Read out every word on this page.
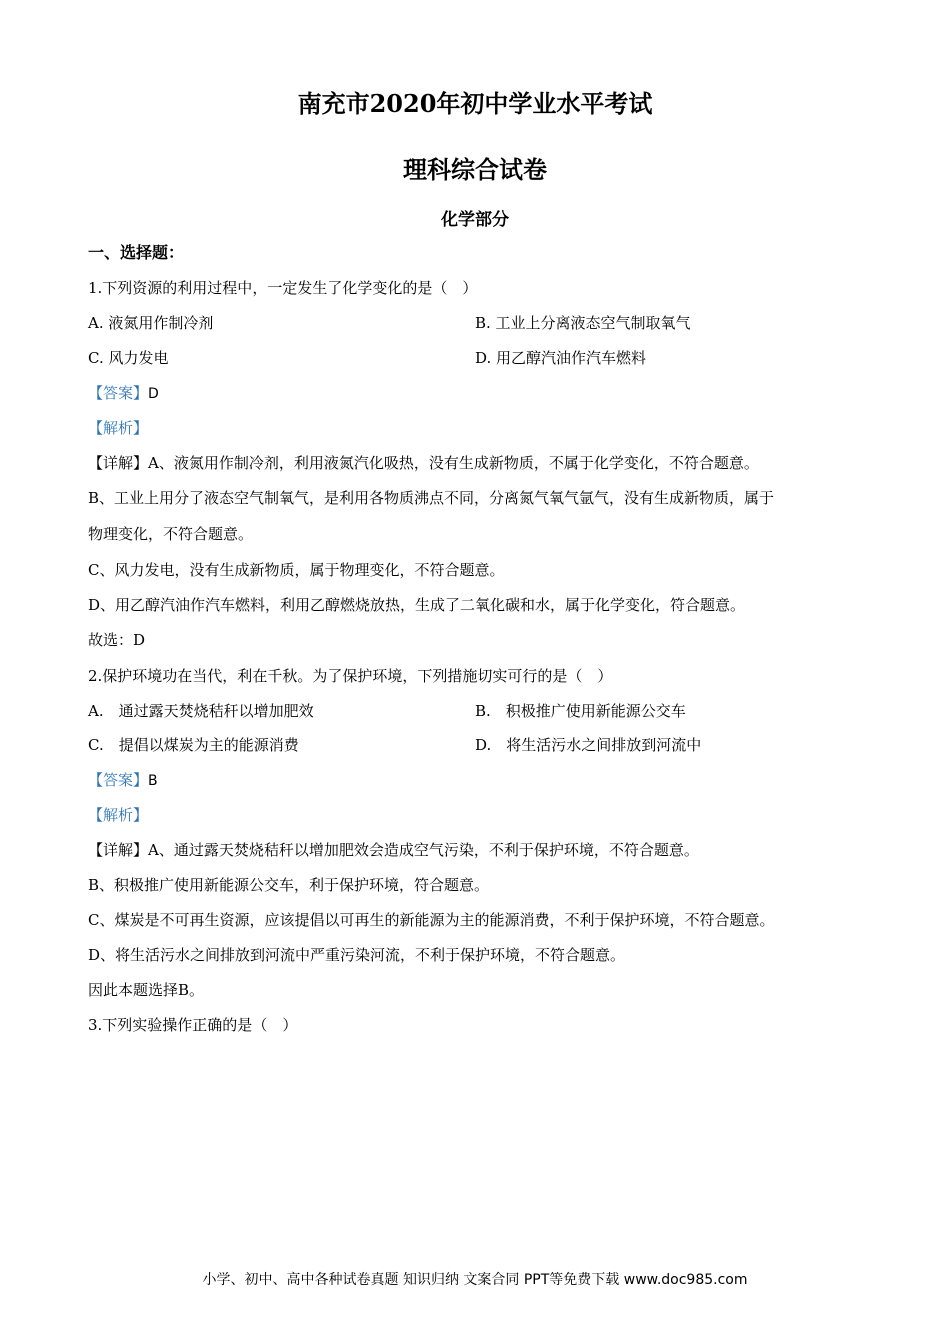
南充市2020年初中学业水平考试
理科综合试卷
化学部分
一、选择题：
1.下列资源的利用过程中，一定发生了化学变化的是（　）
A. 液氮用作制冷剂	B. 工业上分离液态空气制取氧气
C. 风力发电	D. 用乙醇汽油作汽车燃料
【答案】D
【解析】
【详解】A、液氮用作制冷剂，利用液氮汽化吸热，没有生成新物质，不属于化学变化，不符合题意。
B、工业上用分了液态空气制氧气，是利用各物质沸点不同，分离氮气氧气氩气，没有生成新物质，属于
物理变化，不符合题意。
C、风力发电，没有生成新物质，属于物理变化，不符合题意。
D、用乙醇汽油作汽车燃料，利用乙醇燃烧放热，生成了二氧化碳和水，属于化学变化，符合题意。
故选：D
2.保护环境功在当代，利在千秋。为了保护环境，下列措施切实可行的是（　）
A.　通过露天焚烧秸秆以增加肥效	B.　积极推广使用新能源公交车
C.　提倡以煤炭为主的能源消费	D.　将生活污水之间排放到河流中
【答案】B
【解析】
【详解】A、通过露天焚烧秸秆以增加肥效会造成空气污染，不利于保护环境，不符合题意。
B、积极推广使用新能源公交车，利于保护环境，符合题意。
C、煤炭是不可再生资源，应该提倡以可再生的新能源为主的能源消费，不利于保护环境，不符合题意。
D、将生活污水之间排放到河流中严重污染河流，不利于保护环境，不符合题意。
因此本题选择B。
3.下列实验操作正确的是（　）
小学、初中、高中各种试卷真题 知识归纳 文案合同 PPT等免费下载 www.doc985.com
